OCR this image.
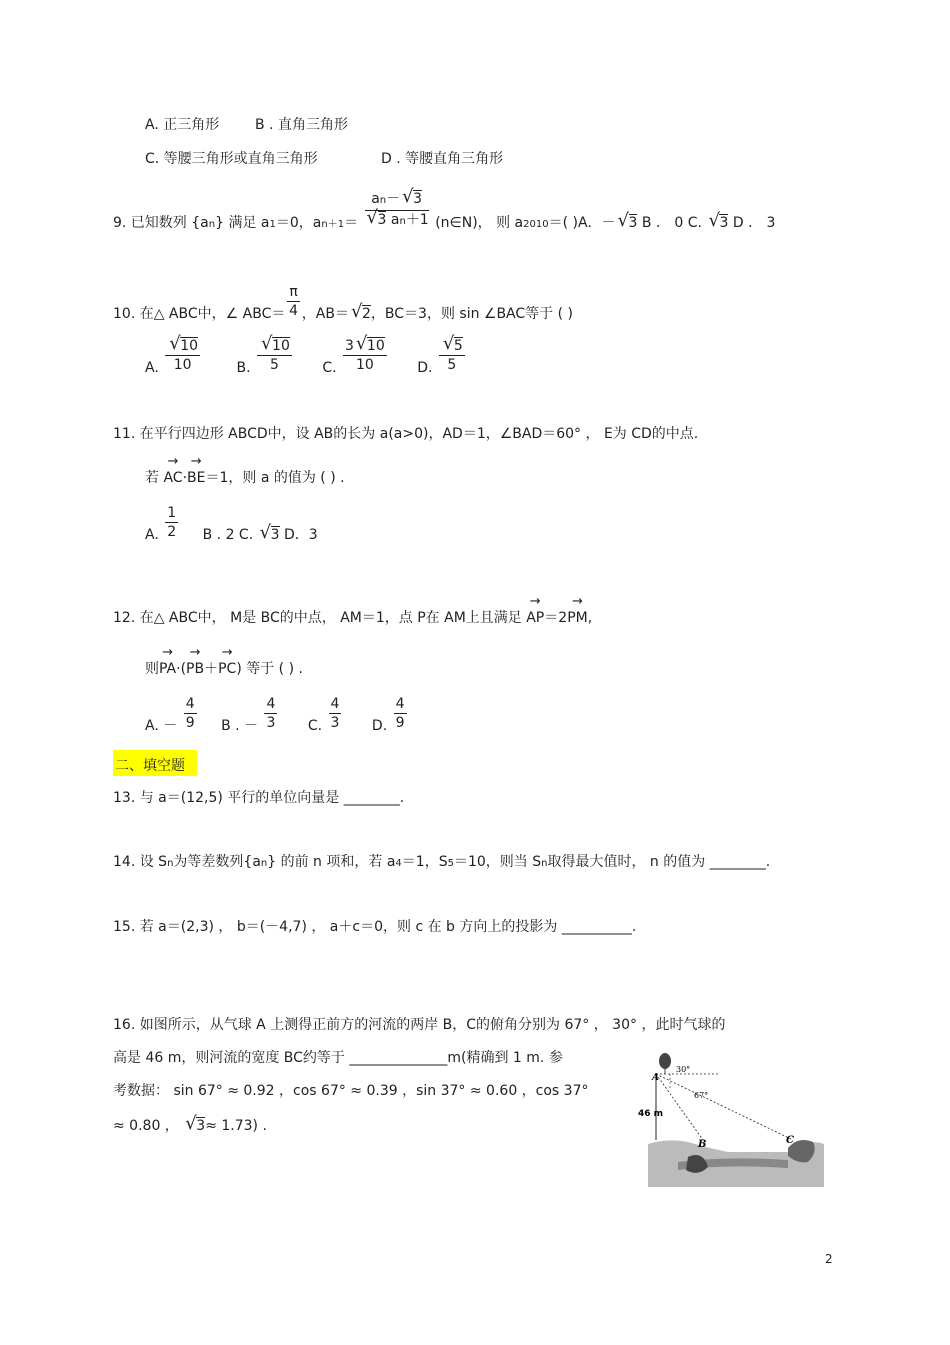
A. 正三角形	B . 直角三角形
C. 等腰三角形或直角三角形	D . 等腰直角三角形
9. 已知数列 {an} 满足 a1＝0，an＋1＝ an－ √ 3
√ 3 an＋1 (n∈N)， 则 a2010＝( )A．－ √ 3 B ． 0 C. √ 3 D ． 3
10. 在△ ABC中，∠ $ABC= \frac{\pi}{4}$ ，AB＝ √ 2，BC＝3，则 sin ∠BAC等于 ( )
A. √ $\frac{10}{10}$	B. √ $\frac{10}{5} C$. $\frac{3 √ 10}{10} D$. √ $\frac{5}{5}$
11. 在平行四边形 ABCD中，设 AB的长为 a(a>0)，AD＝1，∠BAD＝60° ， E为 CD的中点.
若 → AC·→ BE＝1，则 a 的值为 ( ) .
A. $\frac{1}{2}$ B . 2 C. √ 3 D．3
12. 在△ ABC中， M是 BC的中点， AM＝1，点 P在 AM上且满足 → AP＝2→ PM,
则→ PA·(→ PB＋→ PC) 等于 ( ) .
A. － $\frac{4}{9}$ B . － $\frac{4}{3} C$. $\frac{4}{3} D$. $\frac{4}{9}$
二、填空题
13. 与 a＝(12,5) 平行的单位向量是 ________.
14. 设 Sn为等差数列{an} 的前 n 项和，若 a4＝1，S5＝10，则当 Sn取得最大值时， n 的值为 ________.
15. 若 a＝(2,3) ， b＝(－4,7) ， a＋c＝0，则 c 在 b 方向上的投影为 __________.
16. 如图所示，从气球 A 上测得正前方的河流的两岸 B，C的俯角分别为 67° ， 30° ，此时气球的
高是 46 m，则河流的宽度 BC约等于 ______________m(精确到 1 m. 参
考数据： sin 67° ≈ 0.92 ，cos 67° ≈ 0.39 ，sin 37° ≈ 0.60 ，cos 37°
≈ 0.80 ， √ 3≈ 1.73) .
A
B	C
46 m
30°
67°
2
